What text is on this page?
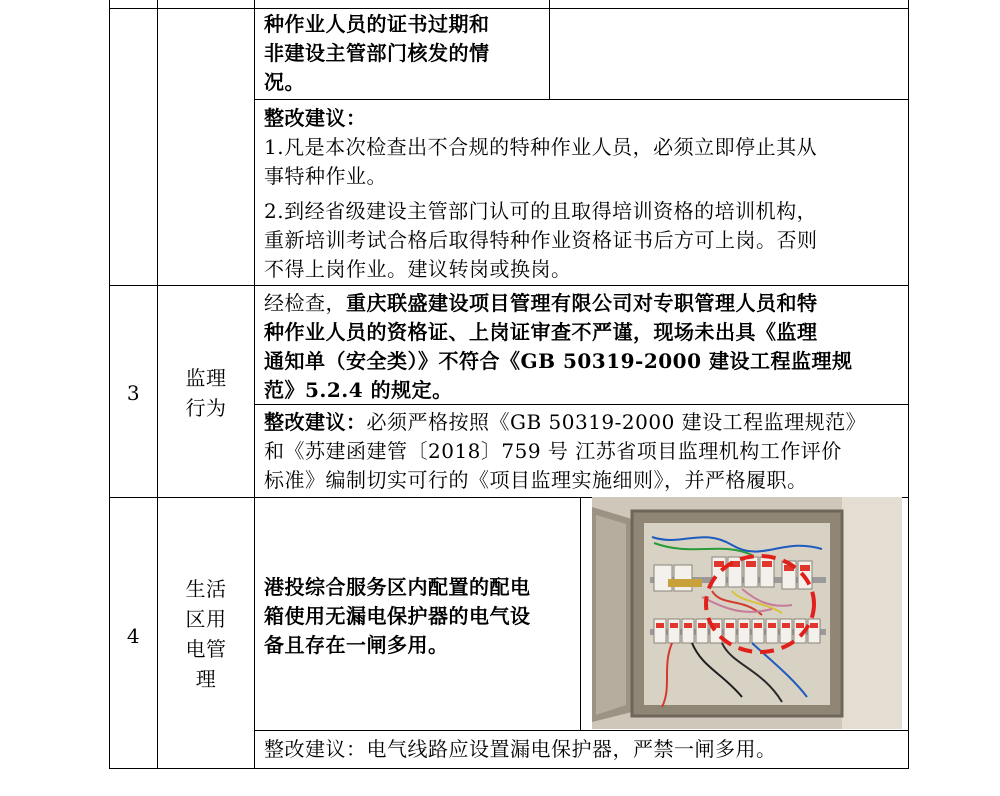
种作业人员的证书过期和
非建设主管部门核发的情
况。
整改建议：
1.凡是本次检查出不合规的特种作业人员，必须立即停止其从
事特种作业。
2.到经省级建设主管部门认可的且取得培训资格的培训机构，
重新培训考试合格后取得特种作业资格证书后方可上岗。否则
不得上岗作业。建议转岗或换岗。
3
监理
行为
经检查，重庆联盛建设项目管理有限公司对专职管理人员和特
种作业人员的资格证、上岗证审查不严谨，现场未出具《监理
通知单（安全类）》不符合《GB 50319-2000 建设工程监理规
范》5.2.4 的规定。
整改建议：必须严格按照《GB 50319-2000 建设工程监理规范》
和《苏建函建管〔2018〕759 号 江苏省项目监理机构工作评价
标准》编制切实可行的《项目监理实施细则》，并严格履职。
4
生活
区用
电管
理
港投综合服务区内配置的配电
箱使用无漏电保护器的电气设
备且存在一闸多用。
整改建议：电气线路应设置漏电保护器，严禁一闸多用。
